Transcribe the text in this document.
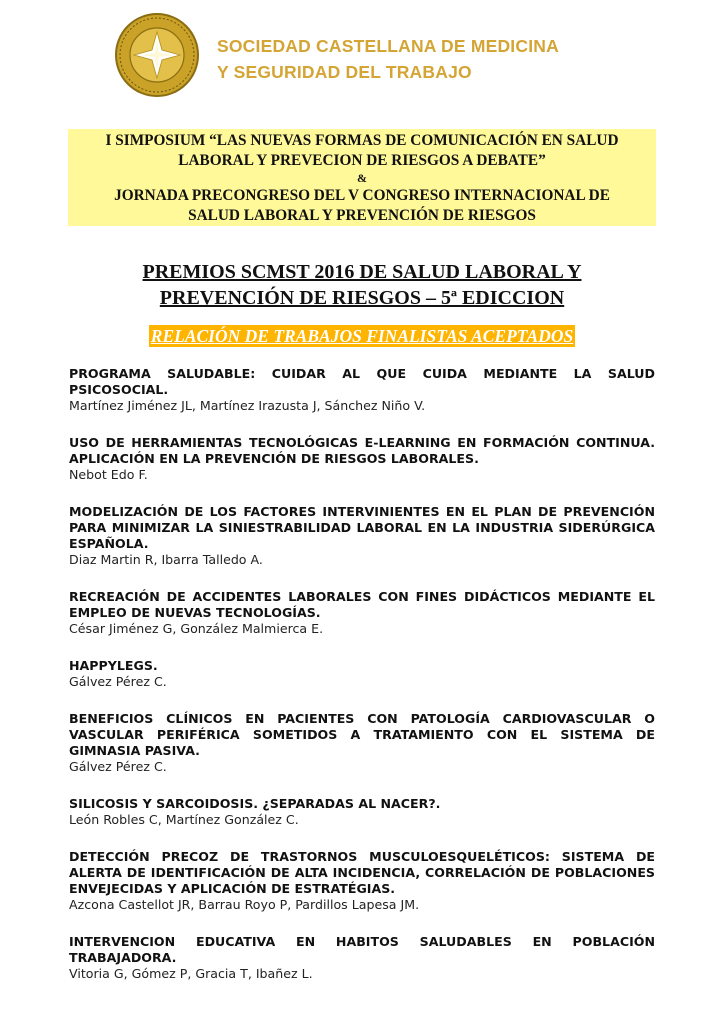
SOCIEDAD CASTELLANA DE MEDICINA
Y SEGURIDAD DEL TRABAJO
I SIMPOSIUM “LAS NUEVAS FORMAS DE COMUNICACIÓN EN SALUD
LABORAL Y PREVECION DE RIESGOS A DEBATE”
&
JORNADA PRECONGRESO DEL V CONGRESO INTERNACIONAL DE
SALUD LABORAL Y PREVENCIÓN DE RIESGOS
PREMIOS SCMST 2016 DE SALUD LABORAL Y
PREVENCIÓN DE RIESGOS – 5ª EDICCION
RELACIÓN DE TRABAJOS FINALISTAS ACEPTADOS
PROGRAMA SALUDABLE: CUIDAR AL QUE CUIDA MEDIANTE LA SALUD PSICOSOCIAL.
Martínez Jiménez JL, Martínez Irazusta J, Sánchez Niño V.
USO DE HERRAMIENTAS TECNOLÓGICAS E-LEARNING EN FORMACIÓN CONTINUA. APLICACIÓN EN LA PREVENCIÓN DE RIESGOS LABORALES.
Nebot Edo F.
MODELIZACIÓN DE LOS FACTORES INTERVINIENTES EN EL PLAN DE PREVENCIÓN PARA MINIMIZAR LA SINIESTRABILIDAD LABORAL EN LA INDUSTRIA SIDERÚRGICA ESPAÑOLA.
Diaz Martin R, Ibarra Talledo A.
RECREACIÓN DE ACCIDENTES LABORALES CON FINES DIDÁCTICOS MEDIANTE EL EMPLEO DE NUEVAS TECNOLOGÍAS.
César Jiménez G, González Malmierca E.
HAPPYLEGS.
Gálvez Pérez C.
BENEFICIOS CLÍNICOS EN PACIENTES CON PATOLOGÍA CARDIOVASCULAR O VASCULAR PERIFÉRICA SOMETIDOS A TRATAMIENTO CON EL SISTEMA DE GIMNASIA PASIVA.
Gálvez Pérez C.
SILICOSIS Y SARCOIDOSIS. ¿SEPARADAS AL NACER?.
León Robles C, Martínez González C.
DETECCIÓN PRECOZ DE TRASTORNOS MUSCULOESQUELÉTICOS: SISTEMA DE ALERTA DE IDENTIFICACIÓN DE ALTA INCIDENCIA, CORRELACIÓN DE POBLACIONES ENVEJECIDAS Y APLICACIÓN DE ESTRATÉGIAS.
Azcona Castellot JR, Barrau Royo P, Pardillos Lapesa JM.
INTERVENCION EDUCATIVA EN HABITOS SALUDABLES EN POBLACIÓN TRABAJADORA.
Vitoria G, Gómez P, Gracia T, Ibañez L.
